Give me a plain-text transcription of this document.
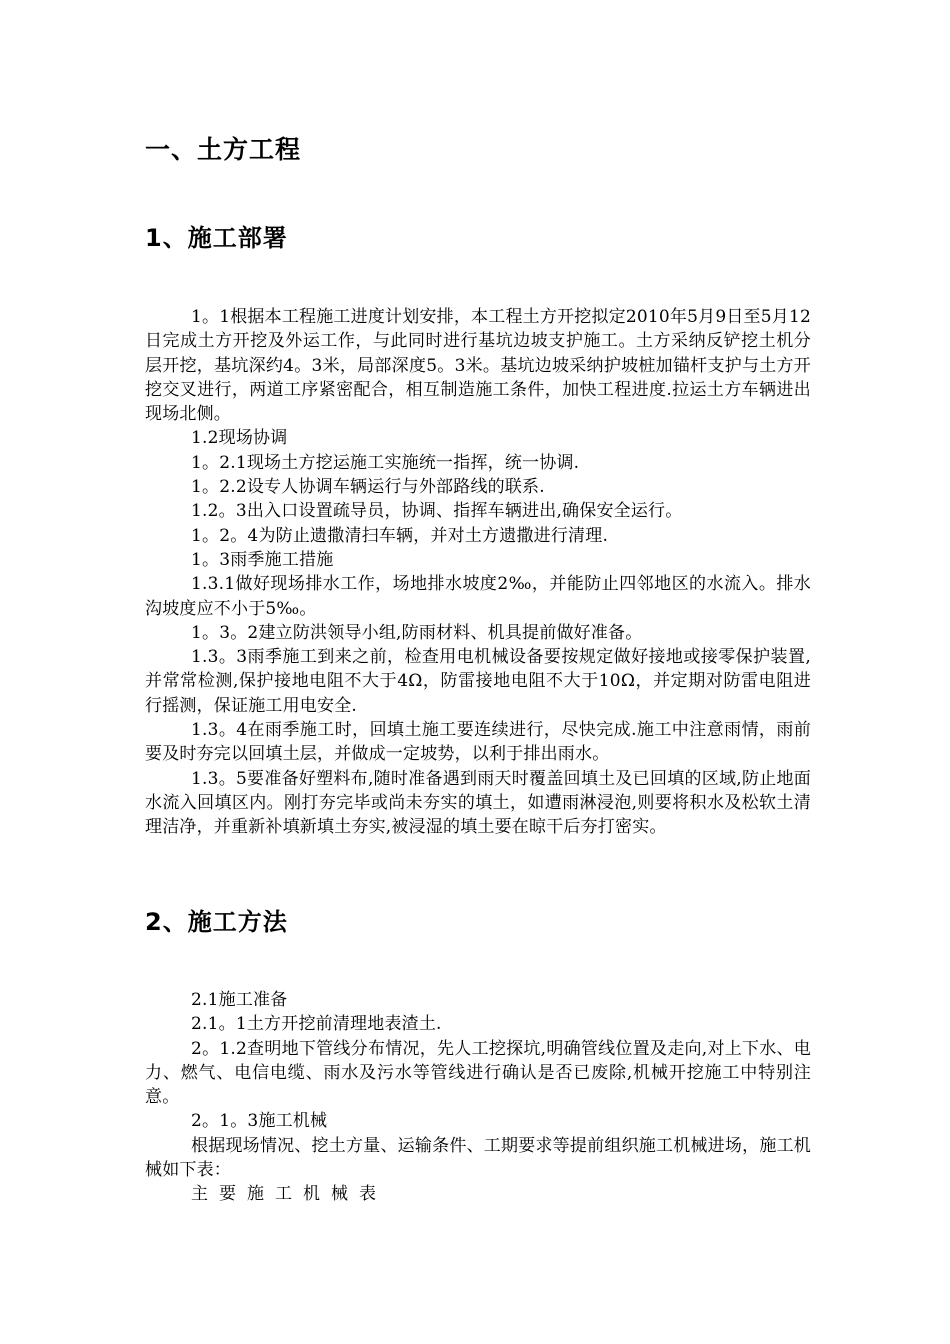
一、土方工程
1、施工部署

1。1根据本工程施工进度计划安排，本工程土方开挖拟定2010年5月9日至5月12日完成土方开挖及外运工作，与此同时进行基坑边坡支护施工。土方采纳反铲挖土机分层开挖，基坑深约4。3米，局部深度5。3米。基坑边坡采纳护坡桩加锚杆支护与土方开挖交叉进行，两道工序紧密配合，相互制造施工条件，加快工程进度.拉运土方车辆进出现场北侧。

1.2现场协调

1。2.1现场土方挖运施工实施统一指挥，统一协调.

1。2.2设专人协调车辆运行与外部路线的联系.

1.2。3出入口设置疏导员，协调、指挥车辆进出,确保安全运行。

1。2。4为防止遗撒清扫车辆，并对土方遗撒进行清理.

1。3雨季施工措施

1.3.1做好现场排水工作，场地排水坡度2‰，并能防止四邻地区的水流入。排水沟坡度应不小于5‰。

1。3。2建立防洪领导小组,防雨材料、机具提前做好准备。

1.3。3雨季施工到来之前，检查用电机械设备要按规定做好接地或接零保护装置,并常常检测,保护接地电阻不大于4Ω，防雷接地电阻不大于10Ω，并定期对防雷电阻进行摇测，保证施工用电安全.

1.3。4在雨季施工时，回填土施工要连续进行，尽快完成.施工中注意雨情，雨前要及时夯完以回填土层，并做成一定坡势，以利于排出雨水。

1.3。5要准备好塑料布,随时准备遇到雨天时覆盖回填土及已回填的区域,防止地面水流入回填区内。刚打夯完毕或尚未夯实的填土，如遭雨淋浸泡,则要将积水及松软土清理洁净，并重新补填新填土夯实,被浸湿的填土要在晾干后夯打密实。

2、施工方法

2.1施工准备

2.1。1土方开挖前清理地表渣土.

2。1.2查明地下管线分布情况，先人工挖探坑,明确管线位置及走向,对上下水、电力、燃气、电信电缆、雨水及污水等管线进行确认是否已废除,机械开挖施工中特别注意。

2。1。3施工机械

根据现场情况、挖土方量、运输条件、工期要求等提前组织施工机械进场，施工机械如下表：

主要施工机械表
